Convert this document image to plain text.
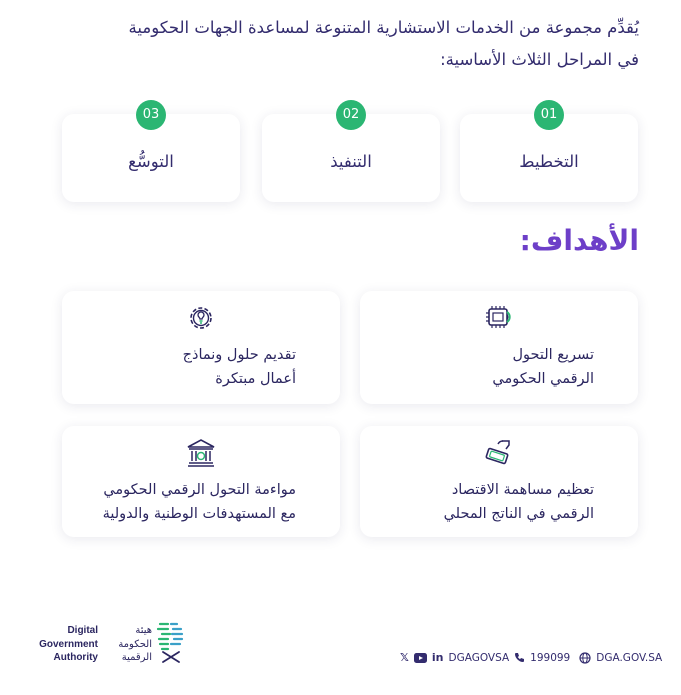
يُقدِّم مجموعة من الخدمات الاستشارية المتنوعة لمساعدة الجهات الحكومية
في المراحل الثلاث الأساسية:
01
التخطيط
02
التنفيذ
03
التوسُّع
الأهداف:
تسريع التحول
الرقمي الحكومي
تقديم حلول ونماذج
أعمال مبتكرة
تعظيم مساهمة الاقتصاد
الرقمي في الناتج المحلي
مواءمة التحول الرقمي الحكومي
مع المستهدفات الوطنية والدولية
Digital
Government
Authority
هيئة
الحكومة
الرقمية	𝕏 in DGAGOVSA 199099 DGA.GOV.SA
